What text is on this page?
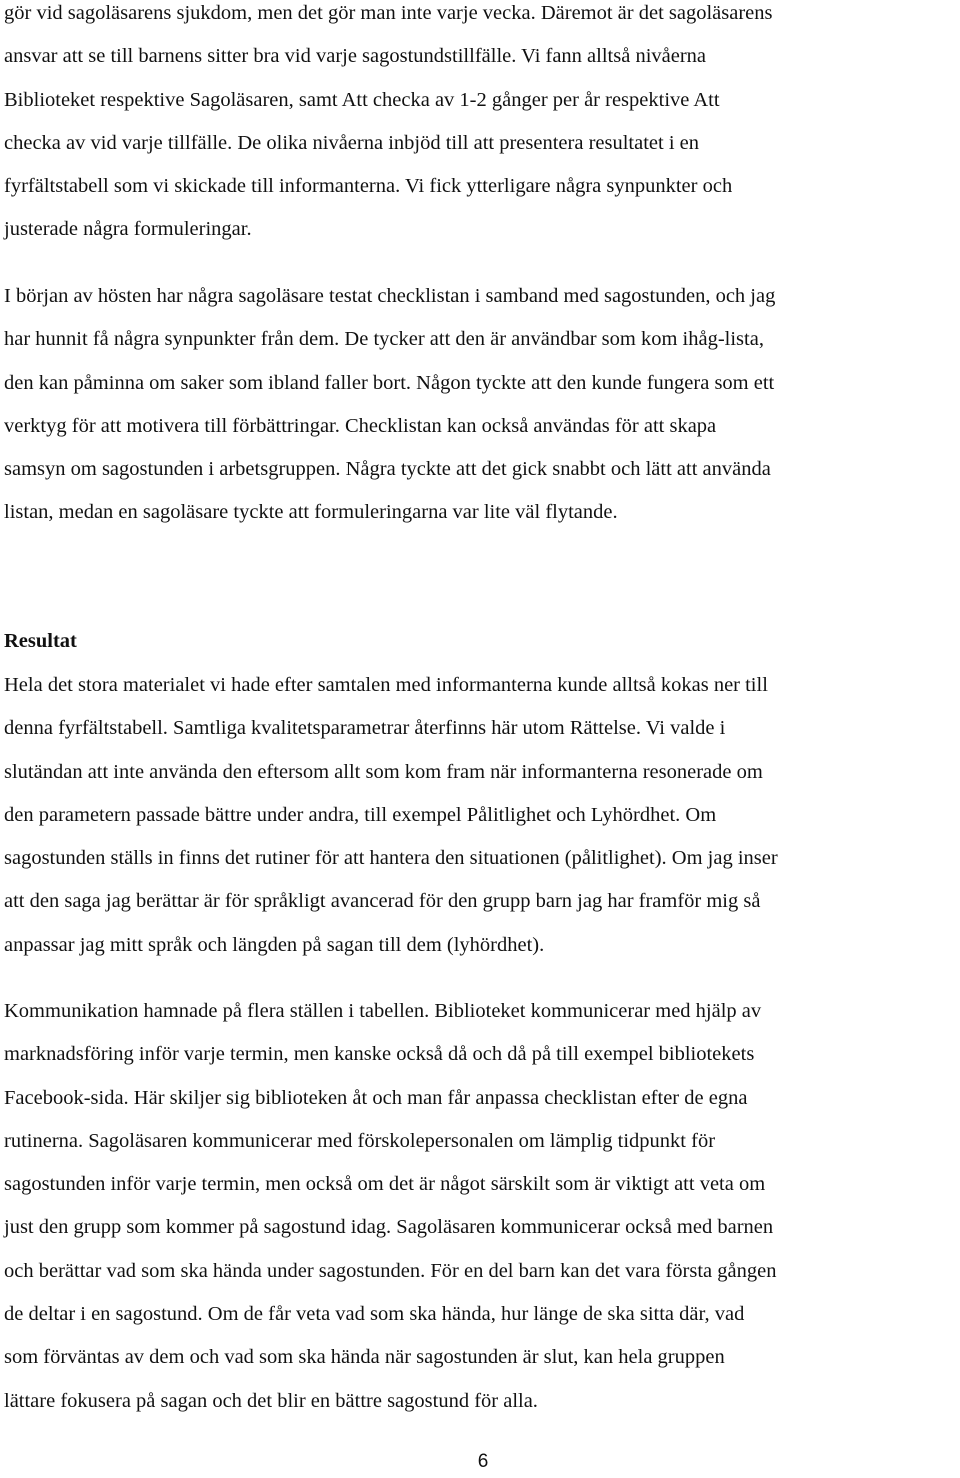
gör vid sagoläsarens sjukdom, men det gör man inte varje vecka. Däremot är det sagoläsarens
ansvar att se till barnens sitter bra vid varje sagostundstillfälle. Vi fann alltså nivåerna
Biblioteket respektive Sagoläsaren, samt Att checka av 1-2 gånger per år respektive Att
checka av vid varje tillfälle. De olika nivåerna inbjöd till att presentera resultatet i en
fyrfältstabell som vi skickade till informanterna. Vi fick ytterligare några synpunkter och
justerade några formuleringar.
I början av hösten har några sagoläsare testat checklistan i samband med sagostunden, och jag
har hunnit få några synpunkter från dem. De tycker att den är användbar som kom ihåg-lista,
den kan påminna om saker som ibland faller bort. Någon tyckte att den kunde fungera som ett
verktyg för att motivera till förbättringar. Checklistan kan också användas för att skapa
samsyn om sagostunden i arbetsgruppen. Några tyckte att det gick snabbt och lätt att använda
listan, medan en sagoläsare tyckte att formuleringarna var lite väl flytande.
Resultat
Hela det stora materialet vi hade efter samtalen med informanterna kunde alltså kokas ner till
denna fyrfältstabell. Samtliga kvalitetsparametrar återfinns här utom Rättelse. Vi valde i
slutändan att inte använda den eftersom allt som kom fram när informanterna resonerade om
den parametern passade bättre under andra, till exempel Pålitlighet och Lyhördhet. Om
sagostunden ställs in finns det rutiner för att hantera den situationen (pålitlighet). Om jag inser
att den saga jag berättar är för språkligt avancerad för den grupp barn jag har framför mig så
anpassar jag mitt språk och längden på sagan till dem (lyhördhet).
Kommunikation hamnade på flera ställen i tabellen. Biblioteket kommunicerar med hjälp av
marknadsföring inför varje termin, men kanske också då och då på till exempel bibliotekets
Facebook-sida. Här skiljer sig biblioteken åt och man får anpassa checklistan efter de egna
rutinerna. Sagoläsaren kommunicerar med förskolepersonalen om lämplig tidpunkt för
sagostunden inför varje termin, men också om det är något särskilt som är viktigt att veta om
just den grupp som kommer på sagostund idag. Sagoläsaren kommunicerar också med barnen
och berättar vad som ska hända under sagostunden. För en del barn kan det vara första gången
de deltar i en sagostund. Om de får veta vad som ska hända, hur länge de ska sitta där, vad
som förväntas av dem och vad som ska hända när sagostunden är slut, kan hela gruppen
lättare fokusera på sagan och det blir en bättre sagostund för alla.
6
